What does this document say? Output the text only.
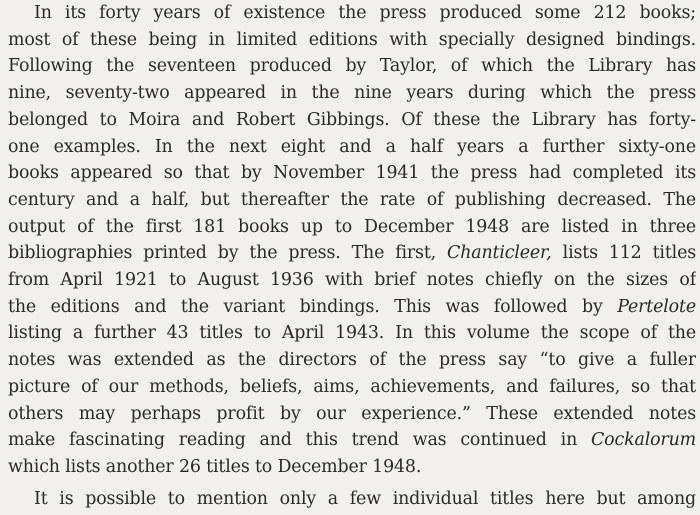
In its forty years of existence the press produced some 212 books;
most of these being in limited editions with specially designed bindings.
Following the seventeen produced by Taylor, of which the Library has
nine, seventy-two appeared in the nine years during which the press
belonged to Moira and Robert Gibbings. Of these the Library has forty-
one examples. In the next eight and a half years a further sixty-one
books appeared so that by November 1941 the press had completed its
century and a half, but thereafter the rate of publishing decreased. The
output of the first 181 books up to December 1948 are listed in three
bibliographies printed by the press. The first, Chanticleer, lists 112 titles
from April 1921 to August 1936 with brief notes chiefly on the sizes of
the editions and the variant bindings. This was followed by Pertelote
listing a further 43 titles to April 1943. In this volume the scope of the
notes was extended as the directors of the press say “to give a fuller
picture of our methods, beliefs, aims, achievements, and failures, so that
others may perhaps profit by our experience.” These extended notes
make fascinating reading and this trend was continued in Cockalorum
which lists another 26 titles to December 1948.

It is possible to mention only a few individual titles here but among
